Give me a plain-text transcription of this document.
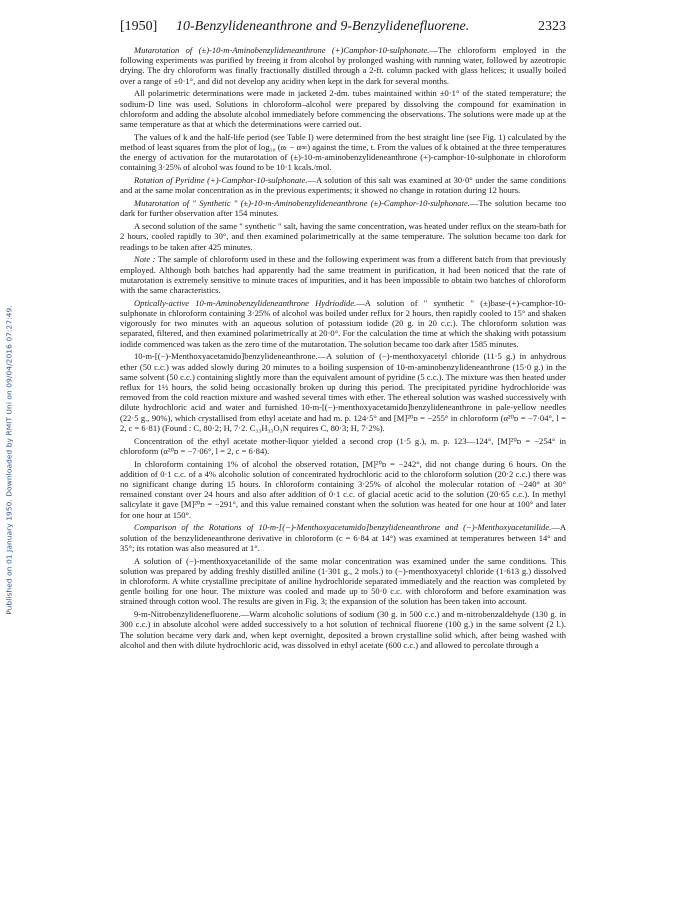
Published on 01 January 1950. Downloaded by RMIT Uni on 09/04/2016 07:27:49.
[1950] 10-Benzylideneanthrone and 9-Benzylidenefluorene.	2323

Mutarotation of (±)-10-m-Aminobenzylideneanthrone (+)Camphor-10-sulphonate.—The chloroform employed in the following experiments was purified by freeing it from alcohol by prolonged washing with running water, followed by azeotropic drying. The dry chloroform was finally fractionally distilled through a 2-ft. column packed with glass helices; it usually boiled over a range of ±0·1°, and did not develop any acidity when kept in the dark for several months.

All polarimetric determinations were made in jacketed 2-dm. tubes maintained within ±0·1° of the stated temperature; the sodium-D line was used. Solutions in chloroform–alcohol were prepared by dissolving the compound for examination in chloroform and adding the absolute alcohol immediately before commencing the observations. The solutions were made up at the same temperature as that at which the determinations were carried out.

The values of k and the half-life period (see Table I) were determined from the best straight line (see Fig. 1) calculated by the method of least squares from the plot of log₁₀ (αₜ − α∞) against the time, t. From the values of k obtained at the three temperatures the energy of activation for the mutarotation of (±)-10-m-aminobenzylideneanthrone (+)-camphor-10-sulphonate in chloroform containing 3·25% of alcohol was found to be 10·1 kcals./mol.

Rotation of Pyridine (+)-Camphor-10-sulphonate.—A solution of this salt was examined at 30·0° under the same conditions and at the same molar concentration as in the previous experiments; it showed no change in rotation during 12 hours.

Mutarotation of " Synthetic " (±)-10-m-Aminobenzylideneanthrone (±)-Camphor-10-sulphonate.—The solution became too dark for further observation after 154 minutes.

A second solution of the same " synthetic " salt, having the same concentration, was heated under reflux on the steam-bath for 2 hours, cooled rapidly to 30°, and then examined polarimetrically at the same temperature. The solution became too dark for readings to be taken after 425 minutes.

Note : The sample of chloroform used in these and the following experiment was from a different batch from that previously employed. Although both batches had apparently had the same treatment in purification, it had been noticed that the rate of mutarotation is extremely sensitive to minute traces of impurities, and it has been impossible to obtain two batches of chloroform with the same characteristics.

Optically-active 10-m-Aminobenzylideneanthrone Hydriodide.—A solution of " synthetic " (±)base-(+)-camphor-10-sulphonate in chloroform containing 3·25% of alcohol was boiled under reflux for 2 hours, then rapidly cooled to 15° and shaken vigorously for two minutes with an aqueous solution of potassium iodide (20 g. in 20 c.c.). The chloroform solution was separated, filtered, and then examined polarimetrically at 20·0°. For the calculation the time at which the shaking with potassium iodide commenced was taken as the zero time of the mutarotation. The solution became too dark after 1585 minutes.

10-m-[(−)-Menthoxyacetamido]benzylideneanthrone.—A solution of (−)-menthoxyacetyl chloride (11·5 g.) in anhydrous ether (50 c.c.) was added slowly during 20 minutes to a boiling suspension of 10-m-aminobenzylideneanthrone (15·0 g.) in the same solvent (50 c.c.) containing slightly more than the equivalent amount of pyridine (5 c.c.). The mixture was then heated under reflux for 1½ hours, the solid being occasionally broken up during this period. The precipitated pyridine hydrochloride was removed from the cold reaction mixture and washed several times with ether. The ethereal solution was washed successively with dilute hydrochloric acid and water and furnished 10-m-[(−)-menthoxyacetamido]benzylideneanthrone in pale-yellow needles (22·5 g., 90%), which crystallised from ethyl acetate and had m. p. 124·5° and [M]²⁰ᴅ = −255° in chloroform (α²⁰ᴅ = −7·04°, l = 2, c = 6·81) (Found : C, 80·2; H, 7·2. C₃₃H₃₃O₃N requires C, 80·3; H, 7·2%).

Concentration of the ethyl acetate mother-liquor yielded a second crop (1·5 g.), m. p. 123—124°, [M]²⁰ᴅ = −254° in chloroform (α²⁰ᴅ = −7·06°, l = 2, c = 6·84).

In chloroform containing 1% of alcohol the observed rotation, [M]²⁰ᴅ = −242°, did not change during 6 hours. On the addition of 0·1 c.c. of a 4% alcoholic solution of concentrated hydrochloric acid to the chloroform solution (20·2 c.c.) there was no significant change during 15 hours. In chloroform containing 3·25% of alcohol the molecular rotation of −240° at 30° remained constant over 24 hours and also after addition of 0·1 c.c. of glacial acetic acid to the solution (20·65 c.c.). In methyl salicylate it gave [M]²⁰ᴅ = −291°, and this value remained constant when the solution was heated for one hour at 100° and later for one hour at 150°.

Comparison of the Rotations of 10-m-[(−)-Menthoxyacetamido]benzylideneanthrone and (−)-Menthoxyacetanilide.—A solution of the benzylideneanthrone derivative in chloroform (c = 6·84 at 14°) was examined at temperatures between 14° and 35°; its rotation was also measured at 1°.

A solution of (−)-menthoxyacetanilide of the same molar concentration was examined under the same conditions. This solution was prepared by adding freshly distilled aniline (1·301 g., 2 mols.) to (−)-menthoxyacetyl chloride (1·613 g.) dissolved in chloroform. A white crystalline precipitate of aniline hydrochloride separated immediately and the reaction was completed by gentle boiling for one hour. The mixture was cooled and made up to 50·0 c.c. with chloroform and before examination was strained through cotton wool. The results are given in Fig. 3; the expansion of the solution has been taken into account.

9-m-Nitrobenzylidenefluorene.—Warm alcoholic solutions of sodium (30 g. in 500 c.c.) and m-nitrobenzaldehyde (130 g. in 300 c.c.) in absolute alcohol were added successively to a hot solution of technical fluorene (100 g.) in the same solvent (2 l.). The solution became very dark and, when kept overnight, deposited a brown crystalline solid which, after being washed with alcohol and then with dilute hydrochloric acid, was dissolved in ethyl acetate (600 c.c.) and allowed to percolate through a
